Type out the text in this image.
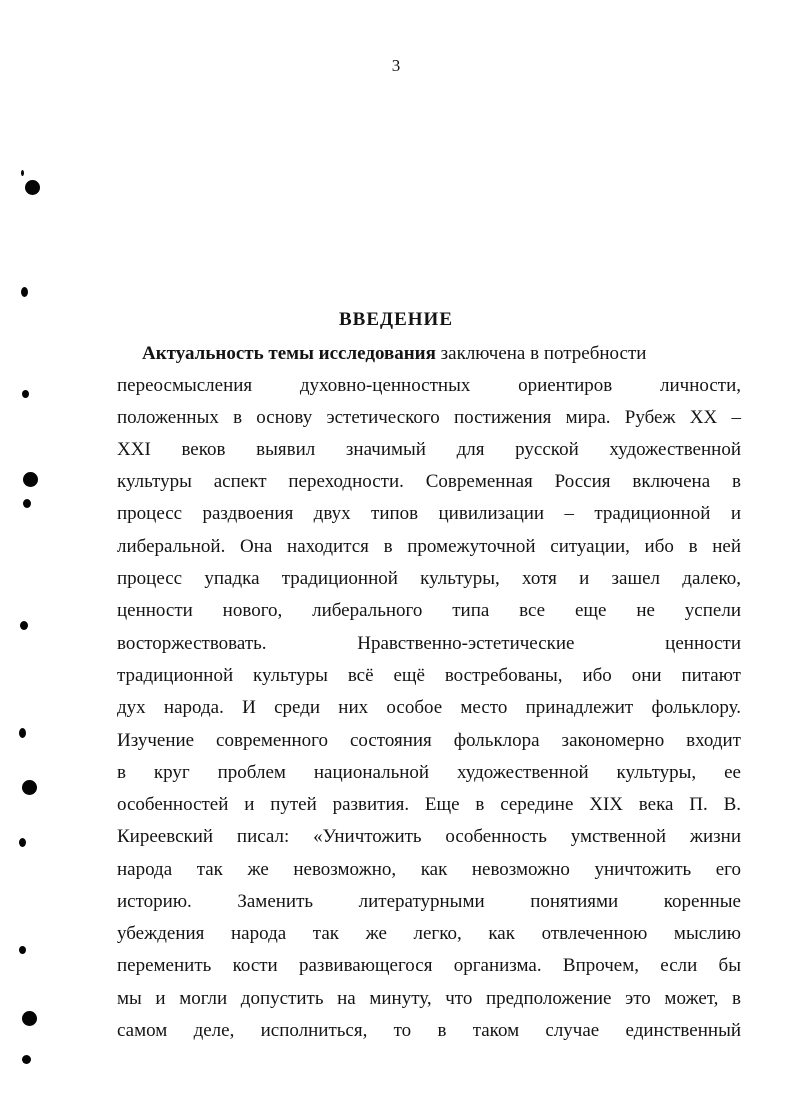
3
ВВЕДЕНИЕ
Актуальность темы исследования заключена в потребности
переосмысления духовно-ценностных ориентиров личности,
положенных в основу эстетического постижения мира. Рубеж XX –
XXI веков выявил значимый для русской художественной
культуры аспект переходности. Современная Россия включена в
процесс раздвоения двух типов цивилизации – традиционной и
либеральной. Она находится в промежуточной ситуации, ибо в ней
процесс упадка традиционной культуры, хотя и зашел далеко,
ценности нового, либерального типа все еще не успели
восторжествовать. Нравственно-эстетические ценности
традиционной культуры всё ещё востребованы, ибо они питают
дух народа. И среди них особое место принадлежит фольклору.
Изучение современного состояния фольклора закономерно входит
в круг проблем национальной художественной культуры, ее
особенностей и путей развития. Еще в середине XIX века П. В.
Киреевский писал: «Уничтожить особенность умственной жизни
народа так же невозможно, как невозможно уничтожить его
историю. Заменить литературными понятиями коренные
убеждения народа так же легко, как отвлеченною мыслию
переменить кости развивающегося организма. Впрочем, если бы
мы и могли допустить на минуту, что предположение это может, в
самом деле, исполниться, то в таком случае единственный
